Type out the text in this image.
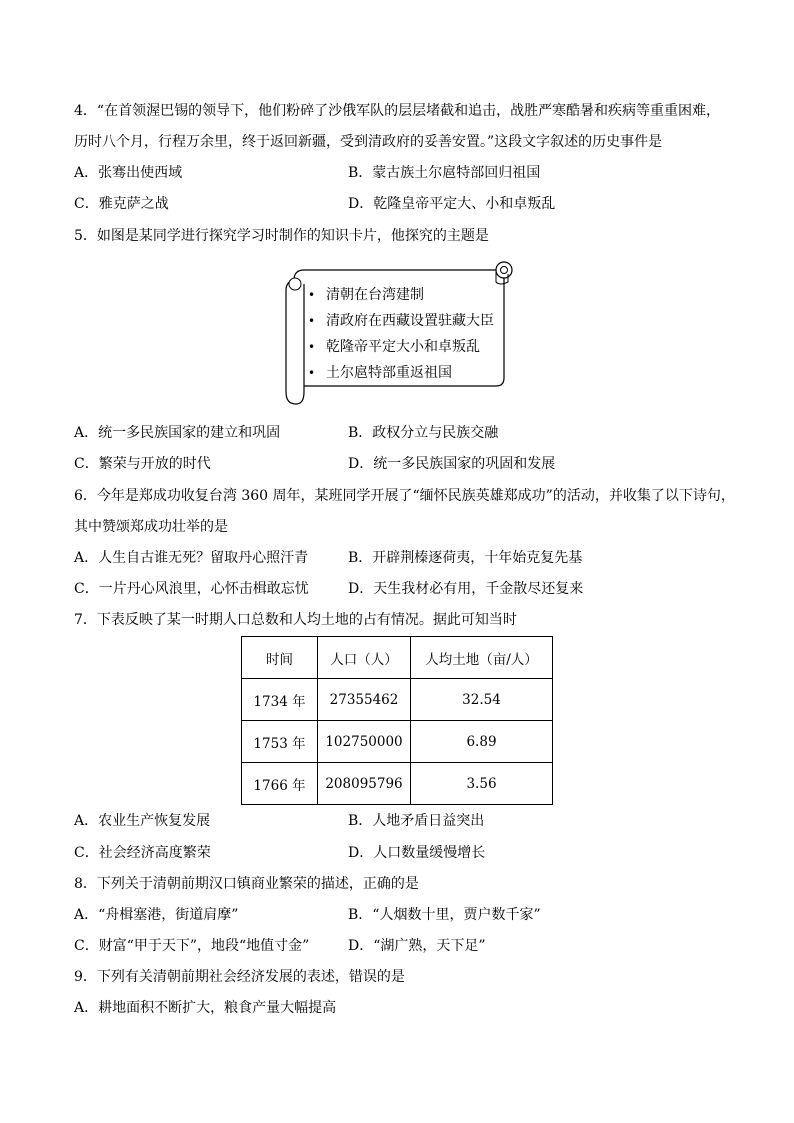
4．“在首领渥巴锡的领导下，他们粉碎了沙俄军队的层层堵截和追击，战胜严寒酷暑和疾病等重重困难，
历时八个月，行程万余里，终于返回新疆，受到清政府的妥善安置。”这段文字叙述的历史事件是
A．张骞出使西域	B．蒙古族土尔扈特部回归祖国
C．雅克萨之战	D．乾隆皇帝平定大、小和卓叛乱
5．如图是某同学进行探究学习时制作的知识卡片，他探究的主题是
• 清朝在台湾建制
• 清政府在西藏设置驻藏大臣
• 乾隆帝平定大小和卓叛乱
• 土尔扈特部重返祖国
A．统一多民族国家的建立和巩固	B．政权分立与民族交融
C．繁荣与开放的时代	D．统一多民族国家的巩固和发展
6．今年是郑成功收复台湾 360 周年，某班同学开展了“缅怀民族英雄郑成功”的活动，并收集了以下诗句，
其中赞颂郑成功壮举的是
A．人生自古谁无死？留取丹心照汗青	B．开辟荆榛逐荷夷，十年始克复先基
C．一片丹心风浪里，心怀击楫敢忘忧	D．天生我材必有用，千金散尽还复来
7．下表反映了某一时期人口总数和人均土地的占有情况。据此可知当时
时间	人口（人）	人均土地（亩/人）
1734 年	27355462	32.54
1753 年	102750000	6.89
1766 年	208095796	3.56
A．农业生产恢复发展	B．人地矛盾日益突出
C．社会经济高度繁荣	D．人口数量缓慢增长
8．下列关于清朝前期汉口镇商业繁荣的描述，正确的是
A．“舟楫塞港，街道肩摩”	B．“人烟数十里，贾户数千家”
C．财富“甲于天下”，地段“地值寸金”	D．“湖广熟，天下足”
9．下列有关清朝前期社会经济发展的表述，错误的是
A．耕地面积不断扩大，粮食产量大幅提高
